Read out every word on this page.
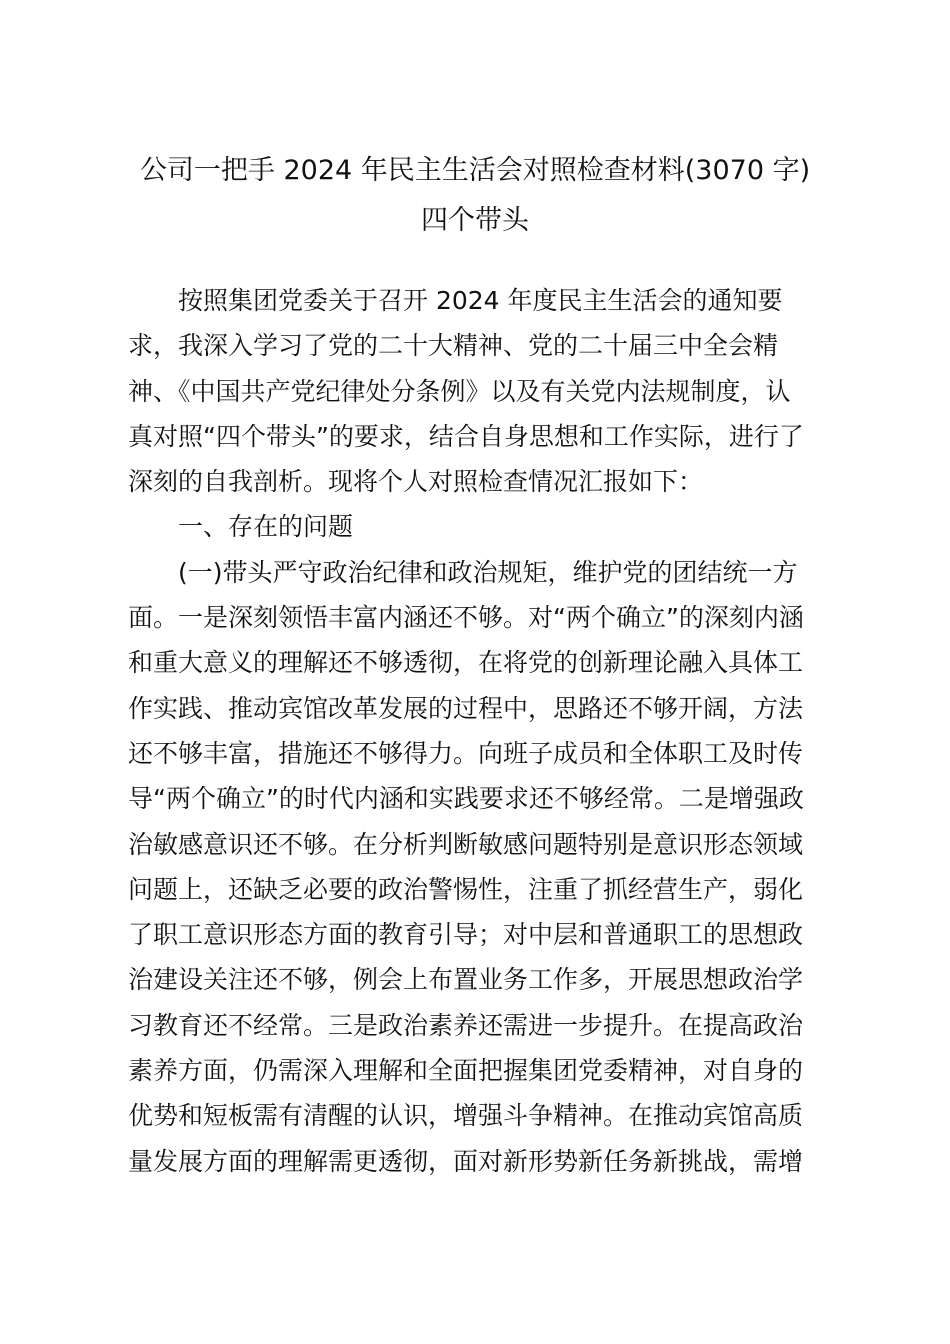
公司一把手 2024 年民主生活会对照检查材料(3070 字)
四个带头
按照集团党委关于召开 2024 年度民主生活会的通知要
求，我深入学习了党的二十大精神、党的二十届三中全会精
神、《中国共产党纪律处分条例》以及有关党内法规制度，认
真对照“四个带头”的要求，结合自身思想和工作实际，进行了
深刻的自我剖析。现将个人对照检查情况汇报如下：
一、存在的问题
(一)带头严守政治纪律和政治规矩，维护党的团结统一方
面。一是深刻领悟丰富内涵还不够。对“两个确立”的深刻内涵
和重大意义的理解还不够透彻，在将党的创新理论融入具体工
作实践、推动宾馆改革发展的过程中，思路还不够开阔，方法
还不够丰富，措施还不够得力。向班子成员和全体职工及时传
导“两个确立”的时代内涵和实践要求还不够经常。二是增强政
治敏感意识还不够。在分析判断敏感问题特别是意识形态领域
问题上，还缺乏必要的政治警惕性，注重了抓经营生产，弱化
了职工意识形态方面的教育引导；对中层和普通职工的思想政
治建设关注还不够，例会上布置业务工作多，开展思想政治学
习教育还不经常。三是政治素养还需进一步提升。在提高政治
素养方面，仍需深入理解和全面把握集团党委精神，对自身的
优势和短板需有清醒的认识，增强斗争精神。在推动宾馆高质
量发展方面的理解需更透彻，面对新形势新任务新挑战，需增
